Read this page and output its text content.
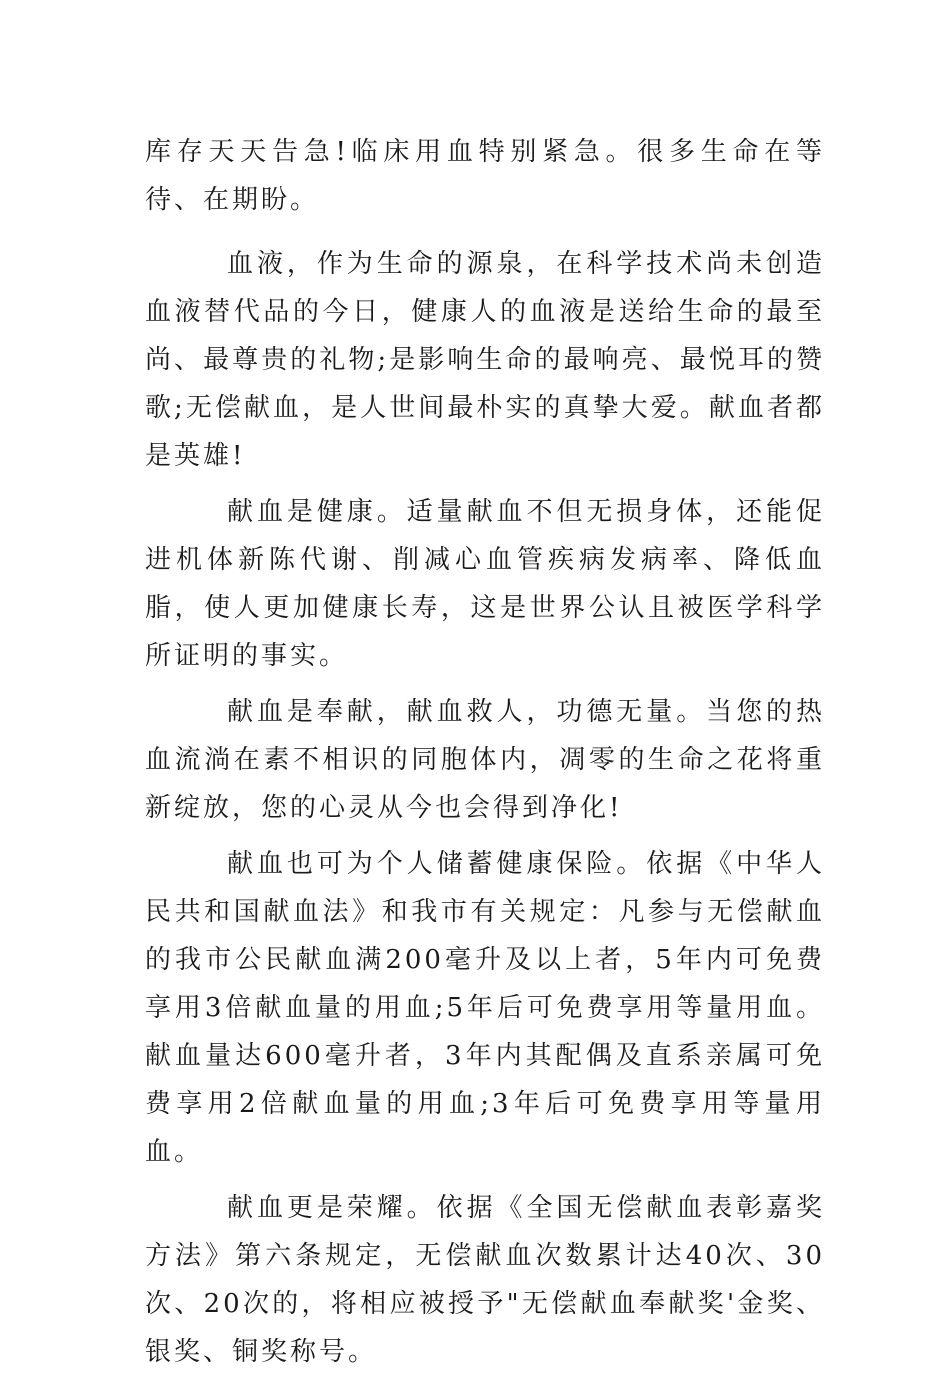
库存天天告急!临床用血特别紧急。很多生命在等待、在期盼。

血液，作为生命的源泉，在科学技术尚未创造血液替代品的今日，健康人的血液是送给生命的最至尚、最尊贵的礼物;是影响生命的最响亮、最悦耳的赞歌;无偿献血，是人世间最朴实的真挚大爱。献血者都是英雄!

献血是健康。适量献血不但无损身体，还能促进机体新陈代谢、削减心血管疾病发病率、降低血脂，使人更加健康长寿，这是世界公认且被医学科学所证明的事实。

献血是奉献，献血救人，功德无量。当您的热血流淌在素不相识的同胞体内，凋零的生命之花将重新绽放，您的心灵从今也会得到净化!

献血也可为个人储蓄健康保险。依据《中华人民共和国献血法》和我市有关规定：凡参与无偿献血的我市公民献血满200毫升及以上者，5年内可免费享用3倍献血量的用血;5年后可免费享用等量用血。献血量达600毫升者，3年内其配偶及直系亲属可免费享用2倍献血量的用血;3年后可免费享用等量用血。

献血更是荣耀。依据《全国无偿献血表彰嘉奖方法》第六条规定，无偿献血次数累计达40次、30次、20次的，将相应被授予"无偿献血奉献奖'金奖、银奖、铜奖称号。
